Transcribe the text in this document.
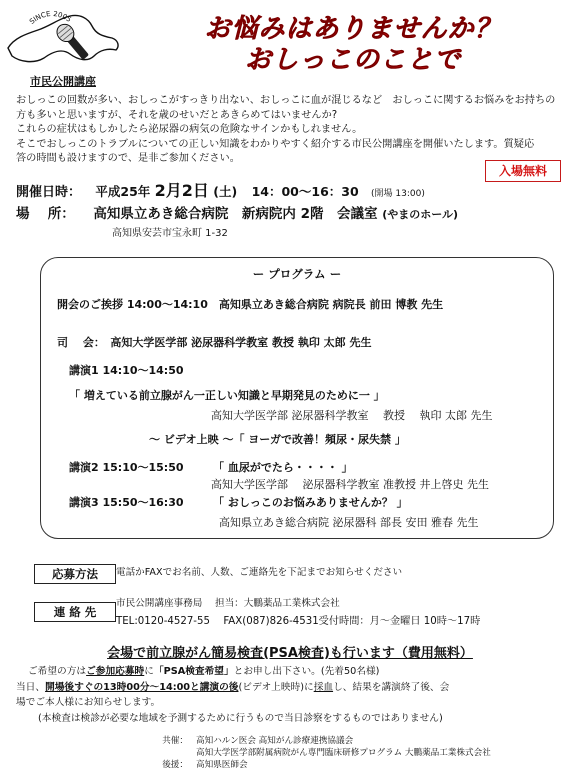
SINCE 2005
市民公開講座
お悩みはありませんか？
おしっこのことで

おしっこの回数が多い、おしっこがすっきり出ない、おしっこに血が混じるなど　おしっこに関するお悩みをお持ちの

方も多いと思いますが、それを歳のせいだとあきらめてはいませんか?

これらの症状はもしかしたら泌尿器の病気の危険なサインかもしれません。

そこでおしっこのトラブルについての正しい知識をわかりやすく紹介する市民公開講座を開催いたします。質疑応

答の時間も設けますので、是非ご参加ください。

入場無料
開催日時： 平成25年 2月2日 (土) 14：00～16：30 (開場 13:00)
場　 所： 高知県立あき総合病院　新病院内 2階　会議室 (やまのホール)
高知県安芸市宝永町 1-32
ー プログラム ー
開会のご挨拶 14:00～14:10　高知県立あき総合病院 病院長 前田 博教 先生
司　 会：　高知大学医学部 泌尿器科学教室 教授 執印 太郎 先生
講演1 14:10～14:50
「 増えている前立腺がん一正しい知識と早期発見のために一 」
高知大学医学部 泌尿器科学教室　 教授　 執印 太郎 先生
～ ビデオ上映 ～「 ヨーガで改善！頻尿・尿失禁 」
講演2 15:10～15:50	「 血尿がでたら・・・・ 」
高知大学医学部　 泌尿器科学教室 准教授 井上啓史 先生
講演3 15:50～16:30	「 おしっこのお悩みありませんか？ 」
高知県立あき総合病院 泌尿器科 部長 安田 雅春 先生
応募方法	電話かFAXでお名前、人数、ご連絡先を下記までお知らせください
連 絡 先
市民公開講座事務局　 担当：大鵬薬品工業株式会社
TEL:0120-4527-55　 FAX(087)826-4531受付時間：月～金曜日 10時～17時
会場で前立腺がん簡易検査(PSA検査)も行います（費用無料）

ご希望の方はご参加応募時に「PSA検査希望」とお申し出下さい。(先着50名様)

当日、開場後すぐの13時00分～14:00と講演の後(ビデオ上映時)に採血し、結果を講演終了後、会

場でご本人様にお知らせします。

(本検査は検診が必要な地域を予測するために行うもので当日診察をするものではありません)

共催： 高知ハルン医会 高知がん診療連携協議会
高知大学医学部附属病院がん専門臨床研修プログラム 大鵬薬品工業株式会社
後援： 高知県医師会
